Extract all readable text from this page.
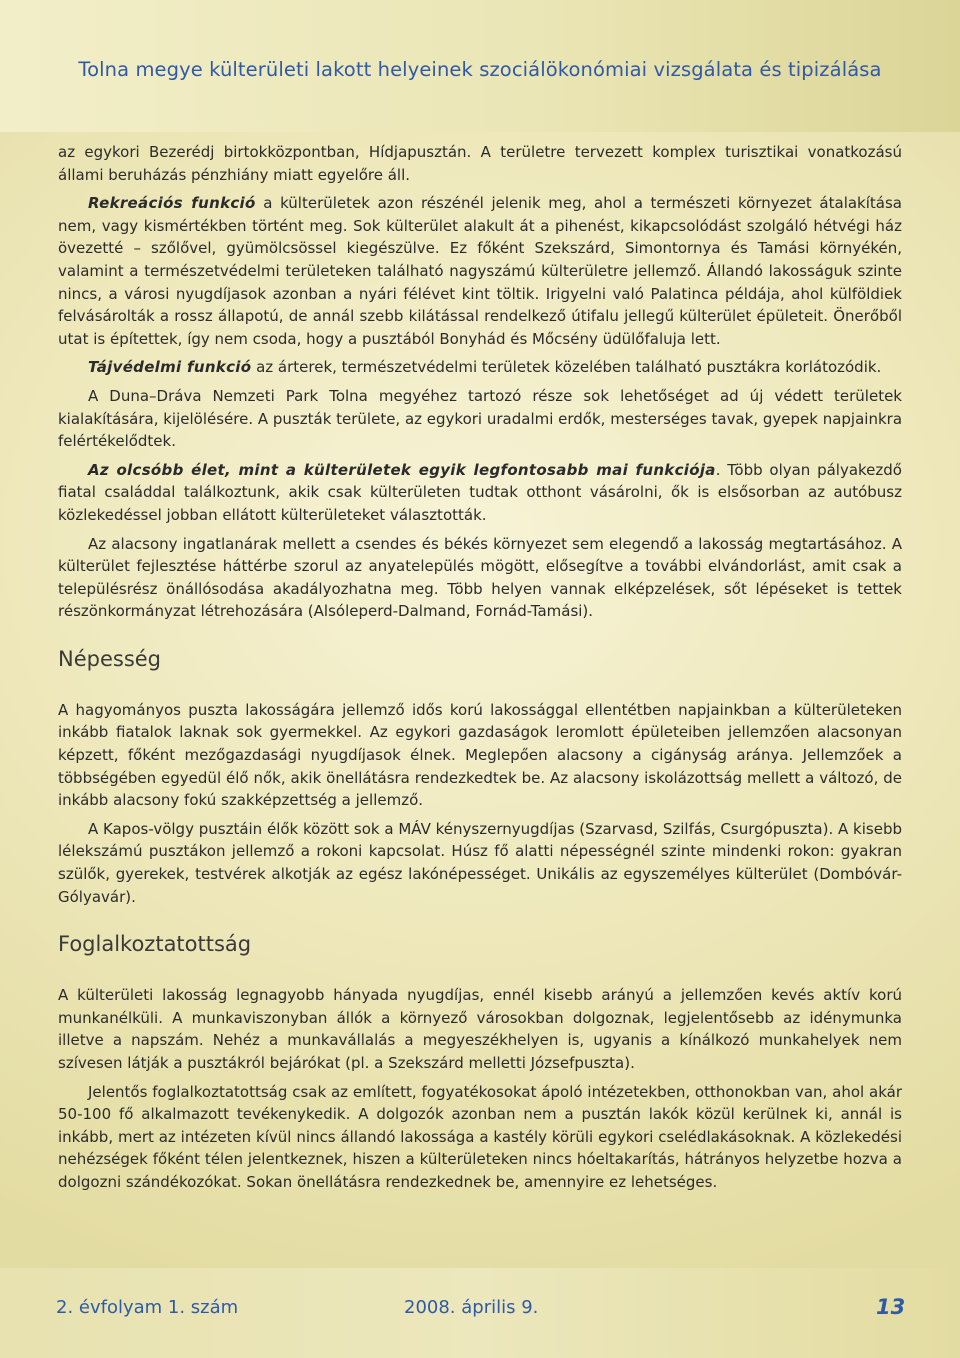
Tolna megye külterületi lakott helyeinek szociálökonómiai vizsgálata és tipizálása

az egykori Bezerédj birtokközpontban, Hídjapusztán. A területre tervezett komplex turisztikai vonatkozású állami beruházás pénzhiány miatt egyelőre áll.

Rekreációs funkció a külterületek azon részénél jelenik meg, ahol a természeti környezet átalakítása nem, vagy kismértékben történt meg. Sok külterület alakult át a pihenést, kikapcsolódást szolgáló hétvégi ház övezetté – szőlővel, gyümölcsössel kiegészülve. Ez főként Szekszárd, Simontornya és Tamási környékén, valamint a természetvédelmi területeken található nagyszámú külterületre jellemző. Állandó lakosságuk szinte nincs, a városi nyugdíjasok azonban a nyári félévet kint töltik. Irigyelni való Palatinca példája, ahol külföldiek felvásárolták a rossz állapotú, de annál szebb kilátással rendelkező útifalu jellegű külterület épületeit. Önerőből utat is építettek, így nem csoda, hogy a pusztából Bonyhád és Mőcsény üdülőfaluja lett.

Tájvédelmi funkció az árterek, természetvédelmi területek közelében található pusztákra korlátozódik.

A Duna–Dráva Nemzeti Park Tolna megyéhez tartozó része sok lehetőséget ad új védett területek kialakítására, kijelölésére. A puszták területe, az egykori uradalmi erdők, mesterséges tavak, gyepek napjainkra felértékelődtek.

Az olcsóbb élet, mint a külterületek egyik legfontosabb mai funkciója. Több olyan pályakezdő fiatal családdal találkoztunk, akik csak külterületen tudtak otthont vásárolni, ők is elsősorban az autóbusz közlekedéssel jobban ellátott külterületeket választották.

Az alacsony ingatlanárak mellett a csendes és békés környezet sem elegendő a lakosság megtartásához. A külterület fejlesztése háttérbe szorul az anyatelepülés mögött, elősegítve a további elvándorlást, amit csak a településrész önállósodása akadályozhatna meg. Több helyen vannak elképzelések, sőt lépéseket is tettek részönkormányzat létrehozására (Alsóleperd-Dalmand, Fornád-Tamási).

Népesség

A hagyományos puszta lakosságára jellemző idős korú lakossággal ellentétben napjainkban a külterületeken inkább fiatalok laknak sok gyermekkel. Az egykori gazdaságok leromlott épületeiben jellemzően alacsonyan képzett, főként mezőgazdasági nyugdíjasok élnek. Meglepően alacsony a cigányság aránya. Jellemzőek a többségében egyedül élő nők, akik önellátásra rendezkedtek be. Az alacsony iskolázottság mellett a változó, de inkább alacsony fokú szakképzettség a jellemző.

A Kapos-völgy pusztáin élők között sok a MÁV kényszernyugdíjas (Szarvasd, Szilfás, Csurgópuszta). A kisebb lélekszámú pusztákon jellemző a rokoni kapcsolat. Húsz fő alatti népességnél szinte mindenki rokon: gyakran szülők, gyerekek, testvérek alkotják az egész lakónépességet. Unikális az egyszemélyes külterület (Dombóvár-Gólyavár).

Foglalkoztatottság

A külterületi lakosság legnagyobb hányada nyugdíjas, ennél kisebb arányú a jellemzően kevés aktív korú munkanélküli. A munkaviszonyban állók a környező városokban dolgoznak, legjelentősebb az idénymunka illetve a napszám. Nehéz a munkavállalás a megyeszékhelyen is, ugyanis a kínálkozó munkahelyek nem szívesen látják a pusztákról bejárókat (pl. a Szekszárd melletti Józsefpuszta).

Jelentős foglalkoztatottság csak az említett, fogyatékosokat ápoló intézetekben, otthonokban van, ahol akár 50-100 fő alkalmazott tevékenykedik. A dolgozók azonban nem a pusztán lakók közül kerülnek ki, annál is inkább, mert az intézeten kívül nincs állandó lakossága a kastély körüli egykori cselédlakásoknak. A közlekedési nehézségek főként télen jelentkeznek, hiszen a külterületeken nincs hóeltakarítás, hátrányos helyzetbe hozva a dolgozni szándékozókat. Sokan önellátásra rendezkednek be, amennyire ez lehetséges.

2. évfolyam 1. szám	2008. április 9.	13
